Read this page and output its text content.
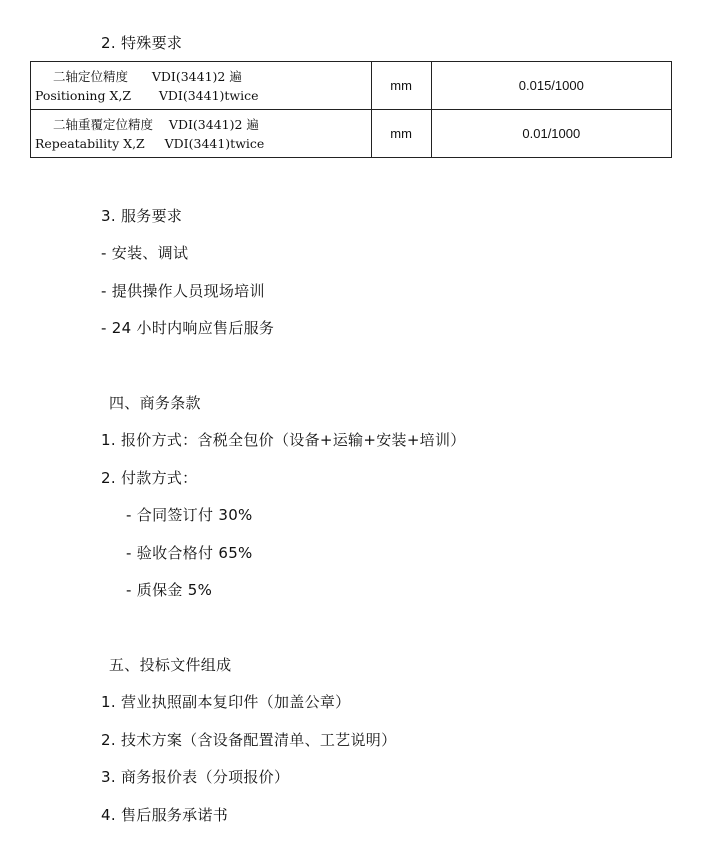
2. 特殊要求
二轴定位精度 VDI(3441)2 遍
Positioning X,Z VDI(3441)twice	mm	0.015/1000

二轴重覆定位精度 VDI(3441)2 遍
Repeatability X,Z VDI(3441)twice	mm	0.01/1000
3. 服务要求
- 安装、调试
- 提供操作人员现场培训
- 24 小时内响应售后服务
四、商务条款
1. 报价方式：含税全包价（设备+运输+安装+培训）
2. 付款方式：
- 合同签订付 30%
- 验收合格付 65%
- 质保金 5%
五、投标文件组成
1. 营业执照副本复印件（加盖公章）
2. 技术方案（含设备配置清单、工艺说明）
3. 商务报价表（分项报价）
4. 售后服务承诺书
